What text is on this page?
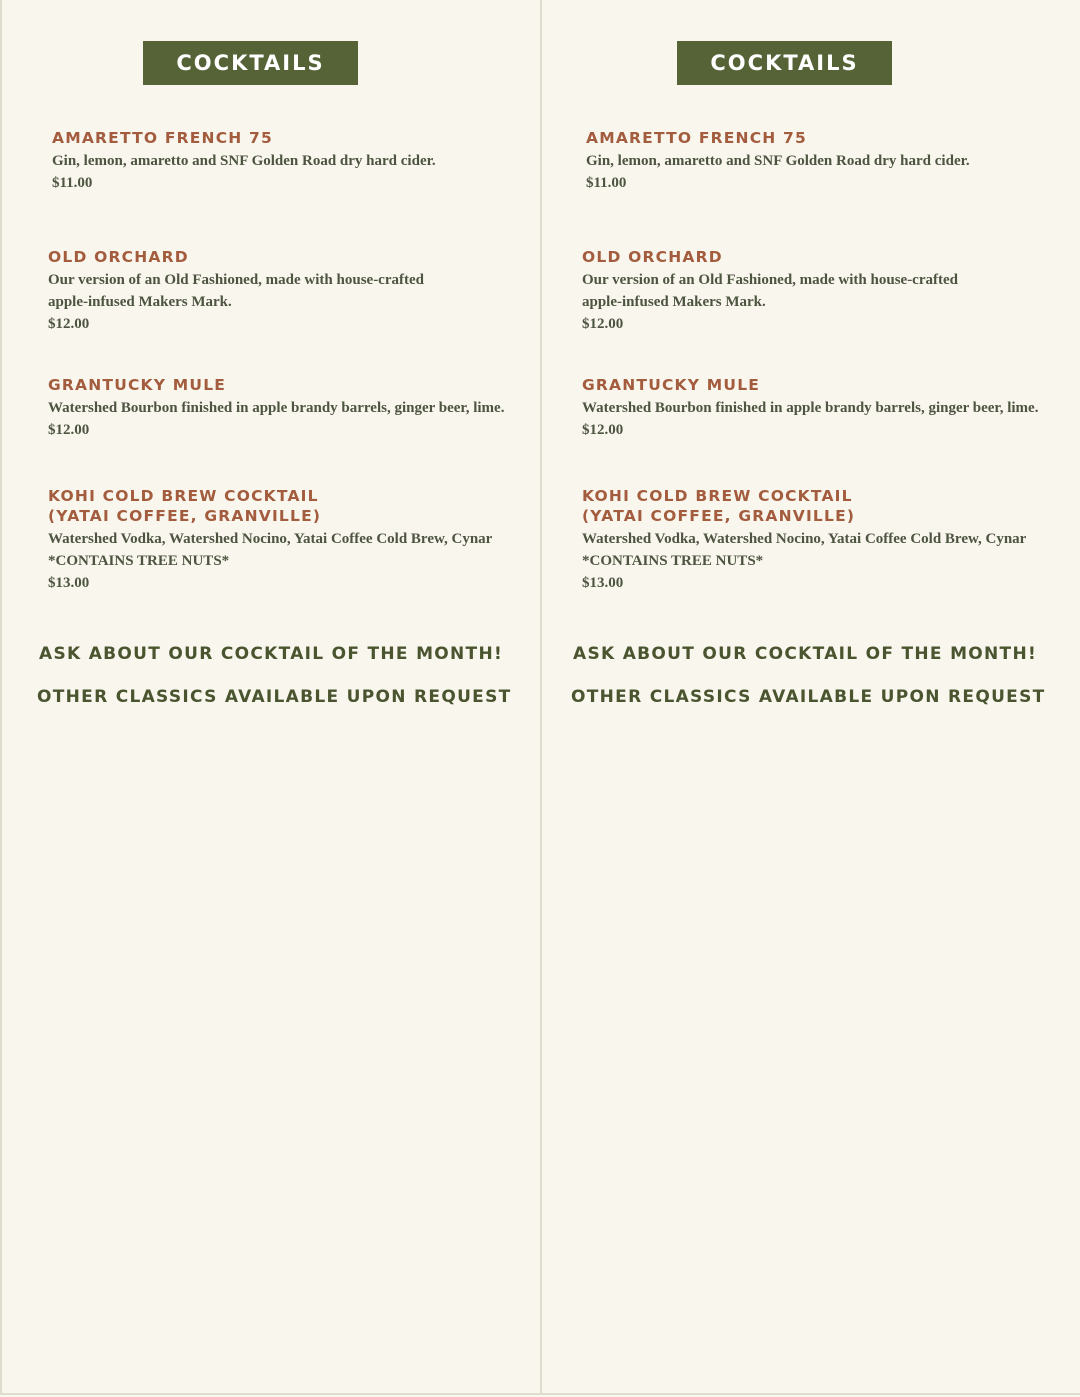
COCKTAILS
AMARETTO FRENCH 75
Gin, lemon, amaretto and SNF Golden Road dry hard cider.
$11.00
OLD ORCHARD
Our version of an Old Fashioned, made with house-crafted
apple-infused Makers Mark.
$12.00
GRANTUCKY MULE
Watershed Bourbon finished in apple brandy barrels, ginger beer, lime.
$12.00
KOHI COLD BREW COCKTAIL
(YATAI COFFEE, GRANVILLE)
Watershed Vodka, Watershed Nocino, Yatai Coffee Cold Brew, Cynar
*CONTAINS TREE NUTS*
$13.00
ASK ABOUT OUR COCKTAIL OF THE MONTH!
OTHER CLASSICS AVAILABLE UPON REQUEST
COCKTAILS
AMARETTO FRENCH 75
Gin, lemon, amaretto and SNF Golden Road dry hard cider.
$11.00
OLD ORCHARD
Our version of an Old Fashioned, made with house-crafted
apple-infused Makers Mark.
$12.00
GRANTUCKY MULE
Watershed Bourbon finished in apple brandy barrels, ginger beer, lime.
$12.00
KOHI COLD BREW COCKTAIL
(YATAI COFFEE, GRANVILLE)
Watershed Vodka, Watershed Nocino, Yatai Coffee Cold Brew, Cynar
*CONTAINS TREE NUTS*
$13.00
ASK ABOUT OUR COCKTAIL OF THE MONTH!
OTHER CLASSICS AVAILABLE UPON REQUEST
